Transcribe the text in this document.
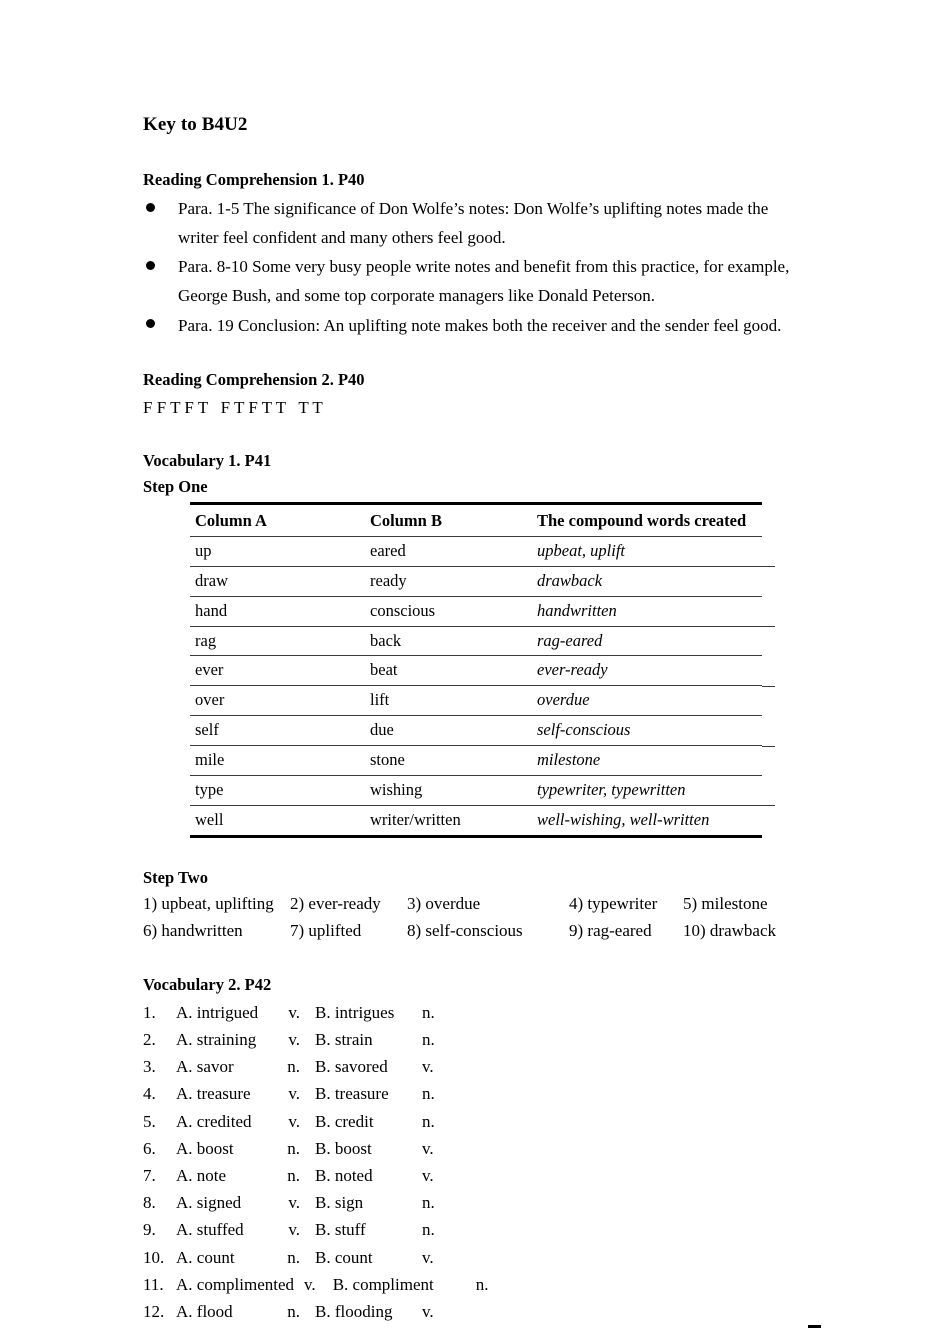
Key to B4U2
Reading Comprehension 1. P40
Para. 1-5 The significance of Don Wolfe’s notes: Don Wolfe’s uplifting notes made the writer feel confident and many others feel good.
Para. 8-10 Some very busy people write notes and benefit from this practice, for example, George Bush, and some top corporate managers like Donald Peterson.
Para. 19 Conclusion: An uplifting note makes both the receiver and the sender feel good.
Reading Comprehension 2. P40

F F T F T   F T F T T   T T

Vocabulary 1. P41
Step One
Column A	Column B	The compound words created
up	eared	upbeat, uplift
draw	ready	drawback
hand	conscious	handwritten
rag	back	rag-eared
ever	beat	ever-ready
over	lift	overdue
self	due	self-conscious
mile	stone	milestone
type	wishing	typewriter, typewritten
well	writer/written	well-wishing, well-written
Step Two
1) upbeat, uplifting 2) ever-ready	3) overdue	4) typewriter	5) milestone
6) handwritten	7) uplifted	8) self-conscious	9) rag-eared	10) drawback
Vocabulary 2. P42
1.	A. intrigued	v. B. intrigues	n.
2.	A. straining	v. B. strain	n.
3.	A. savor	n. B. savored	v.
4.	A. treasure	v. B. treasure	n.
5.	A. credited	v. B. credit	n.
6.	A. boost	n. B. boost	v.
7.	A. note	n. B. noted	v.
8.	A. signed	v. B. sign	n.
9.	A. stuffed	v. B. stuff	n.
10. A. count	n. B. count	v.
11. A. complimented v.	B. compliment	n.
12. A. flood	n. B. flooding	v.
